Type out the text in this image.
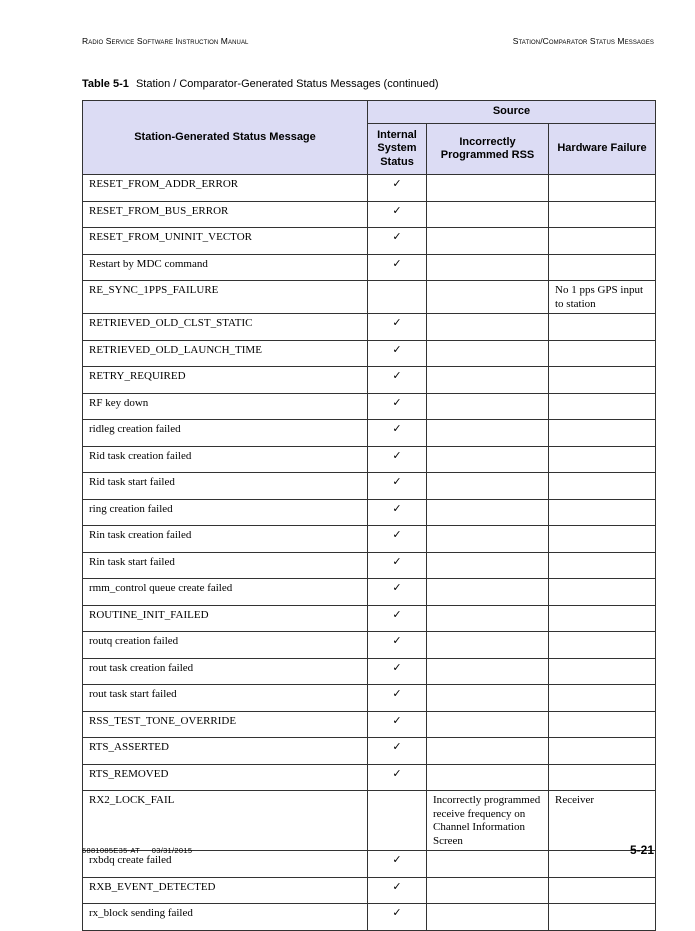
Radio Service Software Instruction Manual	Station/Comparator Status Messages
Table 5-1 Station / Comparator-Generated Status Messages (continued)
Station-Generated Status Message	Source		
	Internal System Status	Incorrectly Programmed RSS	Hardware Failure
RESET_FROM_ADDR_ERROR	✓		
RESET_FROM_BUS_ERROR	✓		
RESET_FROM_UNINIT_VECTOR	✓		
Restart by MDC command	✓		
RE_SYNC_1PPS_FAILURE			No 1 pps GPS input to station
RETRIEVED_OLD_CLST_STATIC	✓		
RETRIEVED_OLD_LAUNCH_TIME	✓		
RETRY_REQUIRED	✓		
RF key down	✓		
ridleg creation failed	✓		
Rid task creation failed	✓		
Rid task start failed	✓		
ring creation failed	✓		
Rin task creation failed	✓		
Rin task start failed	✓		
rmm_control queue create failed	✓		
ROUTINE_INIT_FAILED	✓		
routq creation failed	✓		
rout task creation failed	✓		
rout task start failed	✓		
RSS_TEST_TONE_OVERRIDE	✓		
RTS_ASSERTED	✓		
RTS_REMOVED	✓		
RX2_LOCK_FAIL		Incorrectly programmed receive frequency on Channel Information Screen	Receiver
rxbdq create failed	✓		
RXB_EVENT_DETECTED	✓		
rx_block sending failed	✓		
6881085E35-AT     03/31/2015	5-21
